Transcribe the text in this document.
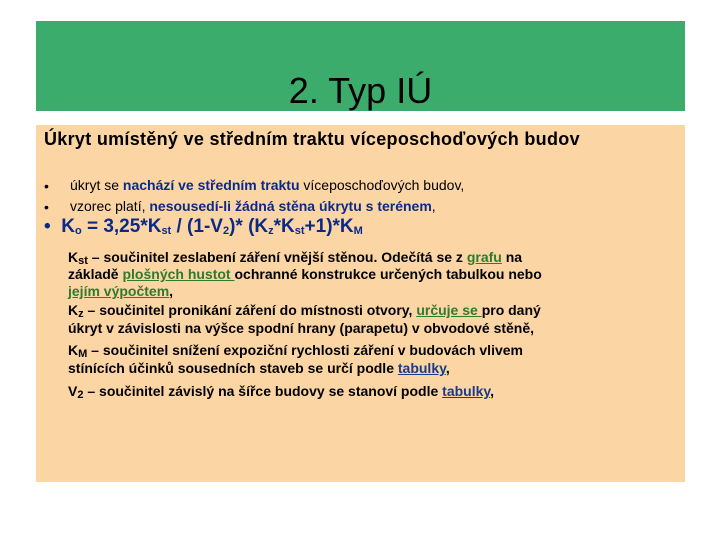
2. Typ IÚ
Úkryt umístěný ve středním traktu víceposchoďových budov
• úkryt se nachází ve středním traktu víceposchoďových budov,
• vzorec platí, nesousedí-li žádná stěna úkrytu s terénem,
• $K_o = 3,25*K_{st} / (1-V_2)*$ $(K_z*K_{st}+1)*K_M$
$K_{st}$ – součinitel zeslabení záření vnější stěnou. Odečítá se z grafu na
základě plošných hustot ochranné konstrukce určených tabulkou nebo
jejím výpočtem,
$K_z$ – součinitel pronikání záření do místnosti otvory, určuje se pro daný
úkryt v závislosti na výšce spodní hrany (parapetu) v obvodové stěně,
$K_M$ – součinitel snížení expoziční rychlosti záření v budovách vlivem
stínících účinků sousedních staveb se určí podle tabulky,
$V_2$ – součinitel závislý na šířce budovy se stanoví podle tabulky,
